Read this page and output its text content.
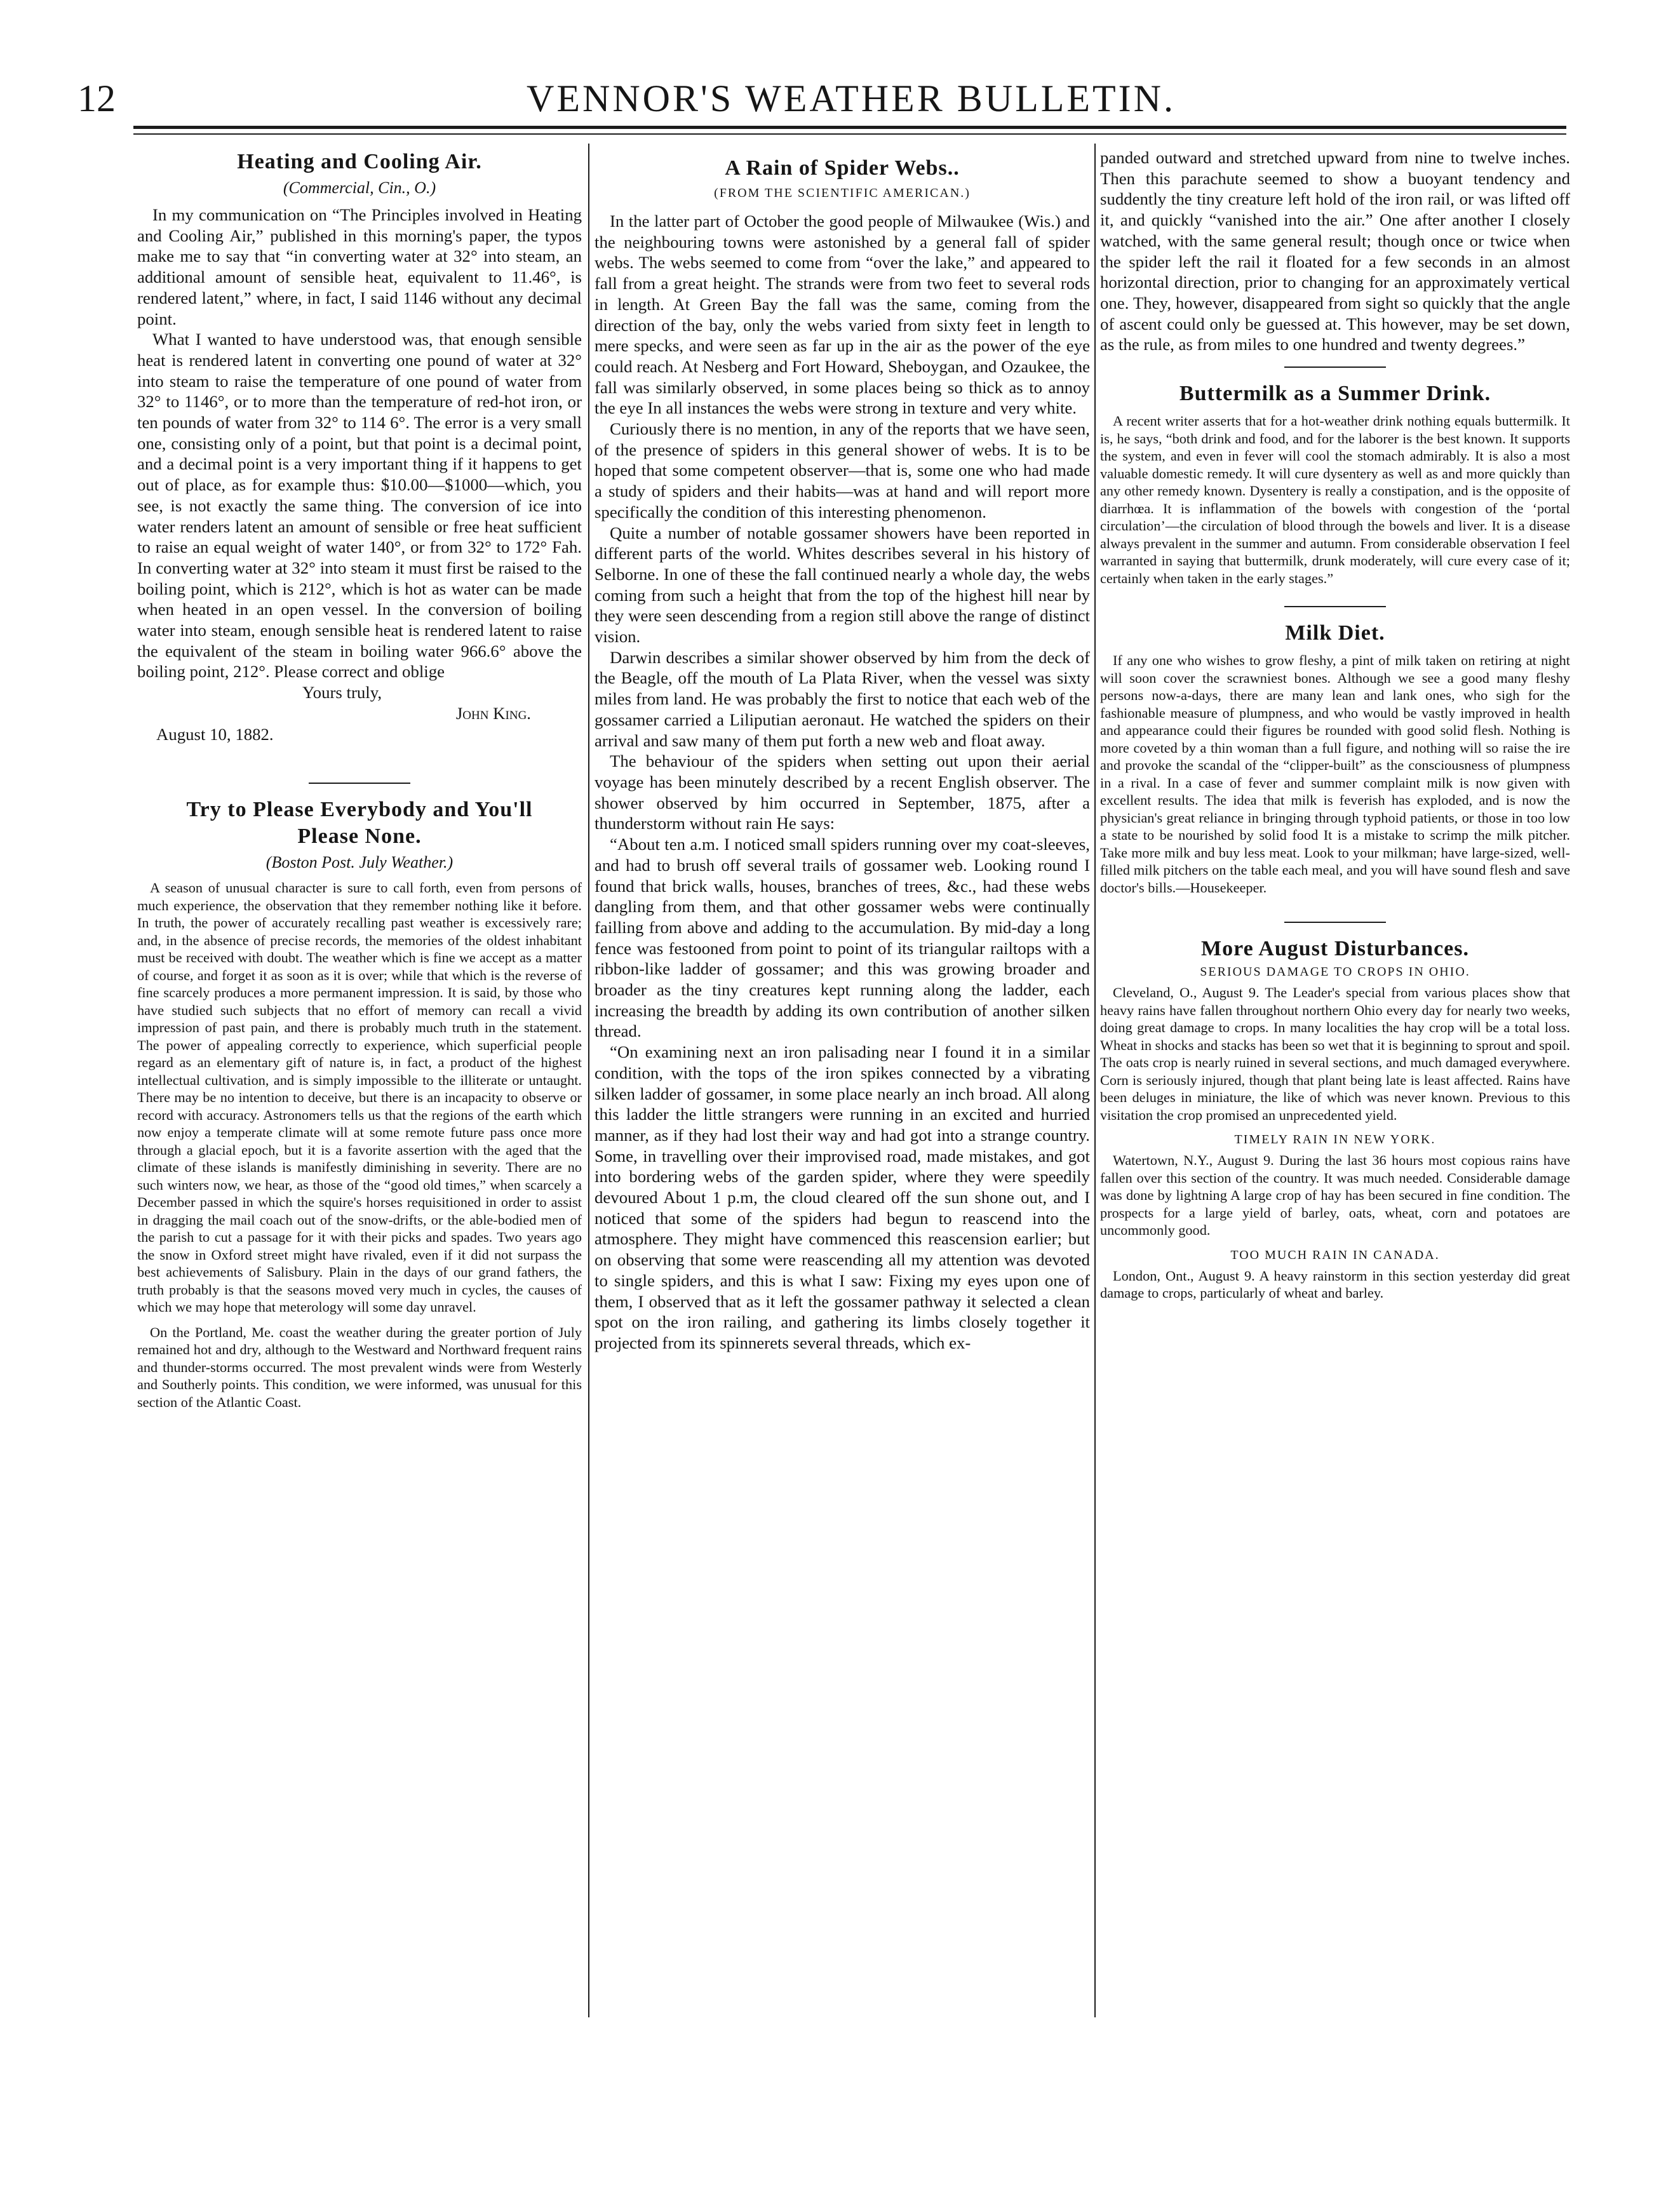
12	VENNOR'S WEATHER BULLETIN.
Heating and Cooling Air.

(Commercial, Cin., O.)

In my communication on “The Principles involved in Heating and Cooling Air,” published in this morning's paper, the typos make me to say that “in converting water at 32° into steam, an additional amount of sensible heat, equivalent to 11.46°, is rendered latent,” where, in fact, I said 1146 without any decimal point.

What I wanted to have understood was, that enough sensible heat is rendered latent in converting one pound of water at 32° into steam to raise the temperature of one pound of water from 32° to 1146°, or to more than the temperature of red-hot iron, or ten pounds of water from 32° to 114 6°. The error is a very small one, consisting only of a point, but that point is a decimal point, and a decimal point is a very important thing if it happens to get out of place, as for example thus: $10.00—$1000—which, you see, is not exactly the same thing. The conversion of ice into water renders latent an amount of sensible or free heat sufficient to raise an equal weight of water 140°, or from 32° to 172° Fah. In converting water at 32° into steam it must first be raised to the boiling point, which is 212°, which is hot as water can be made when heated in an open vessel. In the conversion of boiling water into steam, enough sensible heat is rendered latent to raise the equivalent of the steam in boiling water 966.6° above the boiling point, 212°. Please correct and oblige

Yours truly,

John King.

August 10, 1882.

Try to Please Everybody and You'll Please None.

(Boston Post. July Weather.)

A season of unusual character is sure to call forth, even from persons of much experience, the observation that they remember nothing like it before. In truth, the power of accurately recalling past weather is excessively rare; and, in the absence of precise records, the memories of the oldest inhabitant must be received with doubt. The weather which is fine we accept as a matter of course, and forget it as soon as it is over; while that which is the reverse of fine scarcely produces a more permanent impression. It is said, by those who have studied such subjects that no effort of memory can recall a vivid impression of past pain, and there is probably much truth in the statement. The power of appealing correctly to experience, which superficial people regard as an elementary gift of nature is, in fact, a product of the highest intellectual cultivation, and is simply impossible to the illiterate or untaught. There may be no intention to deceive, but there is an incapacity to observe or record with accuracy. Astronomers tells us that the regions of the earth which now enjoy a temperate climate will at some remote future pass once more through a glacial epoch, but it is a favorite assertion with the aged that the climate of these islands is manifestly diminishing in severity. There are no such winters now, we hear, as those of the “good old times,” when scarcely a December passed in which the squire's horses requisitioned in order to assist in dragging the mail coach out of the snow-drifts, or the able-bodied men of the parish to cut a passage for it with their picks and spades. Two years ago the snow in Oxford street might have rivaled, even if it did not surpass the best achievements of Salisbury. Plain in the days of our grand fathers, the truth probably is that the seasons moved very much in cycles, the causes of which we may hope that meterology will some day unravel.

On the Portland, Me. coast the weather during the greater portion of July remained hot and dry, although to the Westward and Northward frequent rains and thunder-storms occurred. The most prevalent winds were from Westerly and Southerly points. This condition, we were informed, was unusual for this section of the Atlantic Coast.

A Rain of Spider Webs..

(FROM THE SCIENTIFIC AMERICAN.)

In the latter part of October the good people of Milwaukee (Wis.) and the neighbouring towns were astonished by a general fall of spider webs. The webs seemed to come from “over the lake,” and appeared to fall from a great height. The strands were from two feet to several rods in length. At Green Bay the fall was the same, coming from the direction of the bay, only the webs varied from sixty feet in length to mere specks, and were seen as far up in the air as the power of the eye could reach. At Nesberg and Fort Howard, Sheboygan, and Ozaukee, the fall was similarly observed, in some places being so thick as to annoy the eye In all instances the webs were strong in texture and very white.

Curiously there is no mention, in any of the reports that we have seen, of the presence of spiders in this general shower of webs. It is to be hoped that some competent observer—that is, some one who had made a study of spiders and their habits—was at hand and will report more specifically the condition of this interesting phenomenon.

Quite a number of notable gossamer showers have been reported in different parts of the world. Whites describes several in his history of Selborne. In one of these the fall continued nearly a whole day, the webs coming from such a height that from the top of the highest hill near by they were seen descending from a region still above the range of distinct vision.

Darwin describes a similar shower observed by him from the deck of the Beagle, off the mouth of La Plata River, when the vessel was sixty miles from land. He was probably the first to notice that each web of the gossamer carried a Liliputian aeronaut. He watched the spiders on their arrival and saw many of them put forth a new web and float away.

The behaviour of the spiders when setting out upon their aerial voyage has been minutely described by a recent English observer. The shower observed by him occurred in September, 1875, after a thunderstorm without rain He says:

“About ten a.m. I noticed small spiders running over my coat-sleeves, and had to brush off several trails of gossamer web. Looking round I found that brick walls, houses, branches of trees, &c., had these webs dangling from them, and that other gossamer webs were continually failling from above and adding to the accumulation. By mid-day a long fence was festooned from point to point of its triangular railtops with a ribbon-like ladder of gossamer; and this was growing broader and broader as the tiny creatures kept running along the ladder, each increasing the breadth by adding its own contribution of another silken thread.

“On examining next an iron palisading near I found it in a similar condition, with the tops of the iron spikes connected by a vibrating silken ladder of gossamer, in some place nearly an inch broad. All along this ladder the little strangers were running in an excited and hurried manner, as if they had lost their way and had got into a strange country. Some, in travelling over their improvised road, made mistakes, and got into bordering webs of the garden spider, where they were speedily devoured About 1 p.m, the cloud cleared off the sun shone out, and I noticed that some of the spiders had begun to reascend into the atmosphere. They might have commenced this reascension earlier; but on observing that some were reascending all my attention was devoted to single spiders, and this is what I saw: Fixing my eyes upon one of them, I observed that as it left the gossamer pathway it selected a clean spot on the iron railing, and gathering its limbs closely together it projected from its spinnerets several threads, which ex-

panded outward and stretched upward from nine to twelve inches. Then this parachute seemed to show a buoyant tendency and suddently the tiny creature left hold of the iron rail, or was lifted off it, and quickly “vanished into the air.” One after another I closely watched, with the same general result; though once or twice when the spider left the rail it floated for a few seconds in an almost horizontal direction, prior to changing for an approximately vertical one. They, however, disappeared from sight so quickly that the angle of ascent could only be guessed at. This however, may be set down, as the rule, as from miles to one hundred and twenty degrees.”

Buttermilk as a Summer Drink.

A recent writer asserts that for a hot-weather drink nothing equals buttermilk. It is, he says, “both drink and food, and for the laborer is the best known. It supports the system, and even in fever will cool the stomach admirably. It is also a most valuable domestic remedy. It will cure dysentery as well as and more quickly than any other remedy known. Dysentery is really a constipation, and is the opposite of diarrhœa. It is inflammation of the bowels with congestion of the ‘portal circulation’—the circulation of blood through the bowels and liver. It is a disease always prevalent in the summer and autumn. From considerable observation I feel warranted in saying that buttermilk, drunk moderately, will cure every case of it; certainly when taken in the early stages.”

Milk Diet.

If any one who wishes to grow fleshy, a pint of milk taken on retiring at night will soon cover the scrawniest bones. Although we see a good many fleshy persons now-a-days, there are many lean and lank ones, who sigh for the fashionable measure of plumpness, and who would be vastly improved in health and appearance could their figures be rounded with good solid flesh. Nothing is more coveted by a thin woman than a full figure, and nothing will so raise the ire and provoke the scandal of the “clipper-built” as the consciousness of plumpness in a rival. In a case of fever and summer complaint milk is now given with excellent results. The idea that milk is feverish has exploded, and is now the physician's great reliance in bringing through typhoid patients, or those in too low a state to be nourished by solid food It is a mistake to scrimp the milk pitcher. Take more milk and buy less meat. Look to your milkman; have large-sized, well-filled milk pitchers on the table each meal, and you will have sound flesh and save doctor's bills.—Housekeeper.

More August Disturbances.

SERIOUS DAMAGE TO CROPS IN OHIO.

Cleveland, O., August 9. The Leader's special from various places show that heavy rains have fallen throughout northern Ohio every day for nearly two weeks, doing great damage to crops. In many localities the hay crop will be a total loss. Wheat in shocks and stacks has been so wet that it is beginning to sprout and spoil. The oats crop is nearly ruined in several sections, and much damaged everywhere. Corn is seriously injured, though that plant being late is least affected. Rains have been deluges in miniature, the like of which was never known. Previous to this visitation the crop promised an unprecedented yield.

TIMELY RAIN IN NEW YORK.

Watertown, N.Y., August 9. During the last 36 hours most copious rains have fallen over this section of the country. It was much needed. Considerable damage was done by lightning A large crop of hay has been secured in fine condition. The prospects for a large yield of barley, oats, wheat, corn and potatoes are uncommonly good.

TOO MUCH RAIN IN CANADA.

London, Ont., August 9. A heavy rainstorm in this section yesterday did great damage to crops, particularly of wheat and barley.
